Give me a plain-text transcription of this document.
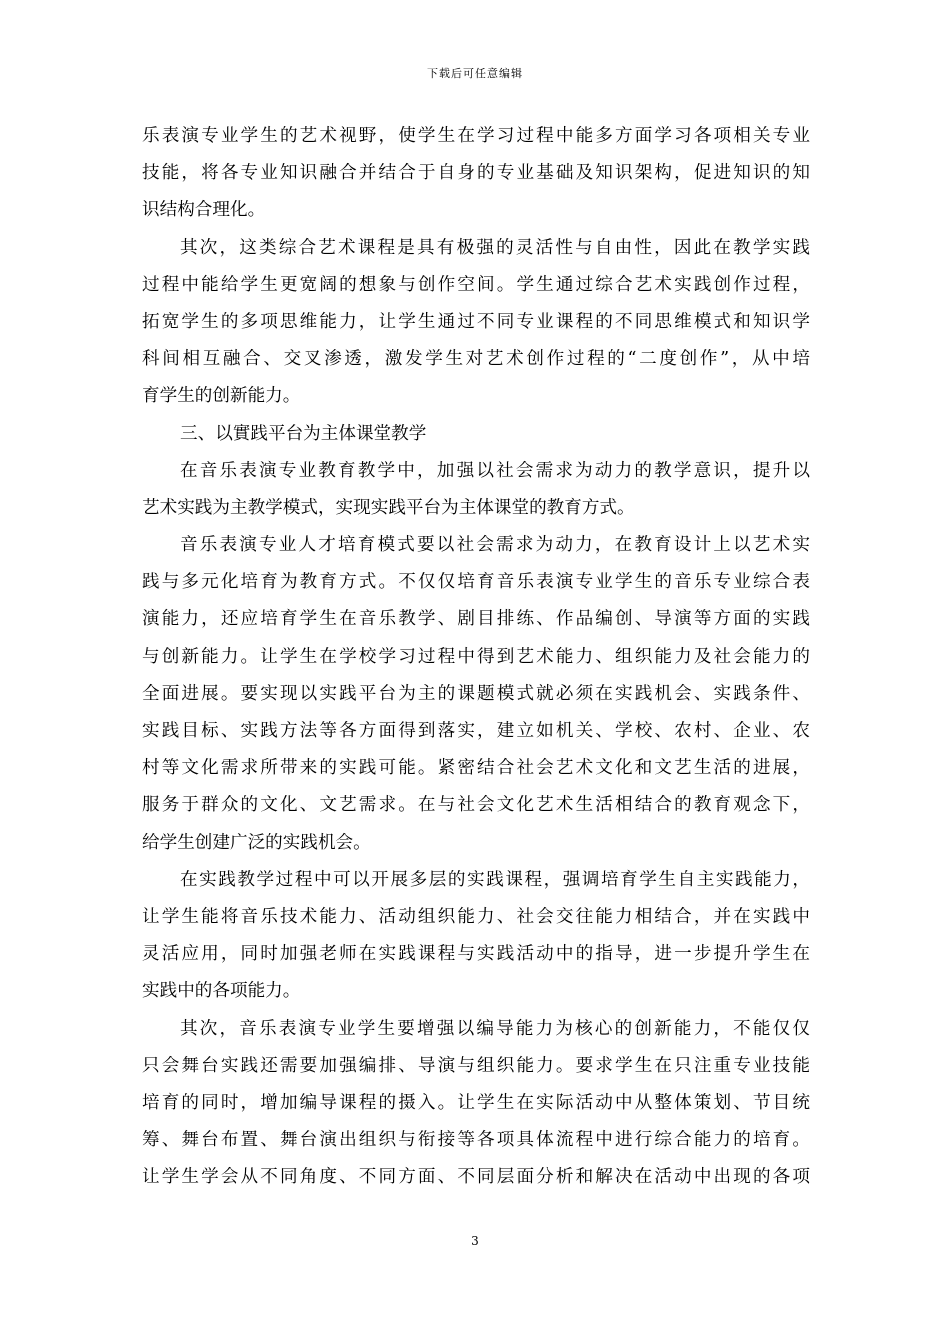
下载后可任意编辑
乐表演专业学生的艺术视野，使学生在学习过程中能多方面学习各项相关专业
技能，将各专业知识融合并结合于自身的专业基础及知识架构，促进知识的知
识结构合理化。
其次，这类综合艺术课程是具有极强的灵活性与自由性，因此在教学实践
过程中能给学生更宽阔的想象与创作空间。学生通过综合艺术实践创作过程，
拓宽学生的多项思维能力，让学生通过不同专业课程的不同思维模式和知识学
科间相互融合、交叉渗透，激发学生对艺术创作过程的“二度创作”，从中培
育学生的创新能力。
三、以實践平台为主体课堂教学
在音乐表演专业教育教学中，加强以社会需求为动力的教学意识，提升以
艺术实践为主教学模式，实现实践平台为主体课堂的教育方式。
音乐表演专业人才培育模式要以社会需求为动力，在教育设计上以艺术实
践与多元化培育为教育方式。不仅仅培育音乐表演专业学生的音乐专业综合表
演能力，还应培育学生在音乐教学、剧目排练、作品编创、导演等方面的实践
与创新能力。让学生在学校学习过程中得到艺术能力、组织能力及社会能力的
全面进展。要实现以实践平台为主的课题模式就必须在实践机会、实践条件、
实践目标、实践方法等各方面得到落实，建立如机关、学校、农村、企业、农
村等文化需求所带来的实践可能。紧密结合社会艺术文化和文艺生活的进展，
服务于群众的文化、文艺需求。在与社会文化艺术生活相结合的教育观念下，
给学生创建广泛的实践机会。
在实践教学过程中可以开展多层的实践课程，强调培育学生自主实践能力，
让学生能将音乐技术能力、活动组织能力、社会交往能力相结合，并在实践中
灵活应用，同时加强老师在实践课程与实践活动中的指导，进一步提升学生在
实践中的各项能力。
其次，音乐表演专业学生要增强以编导能力为核心的创新能力，不能仅仅
只会舞台实践还需要加强编排、导演与组织能力。要求学生在只注重专业技能
培育的同时，增加编导课程的摄入。让学生在实际活动中从整体策划、节目统
筹、舞台布置、舞台演出组织与衔接等各项具体流程中进行综合能力的培育。
让学生学会从不同角度、不同方面、不同层面分析和解决在活动中出现的各项
3
